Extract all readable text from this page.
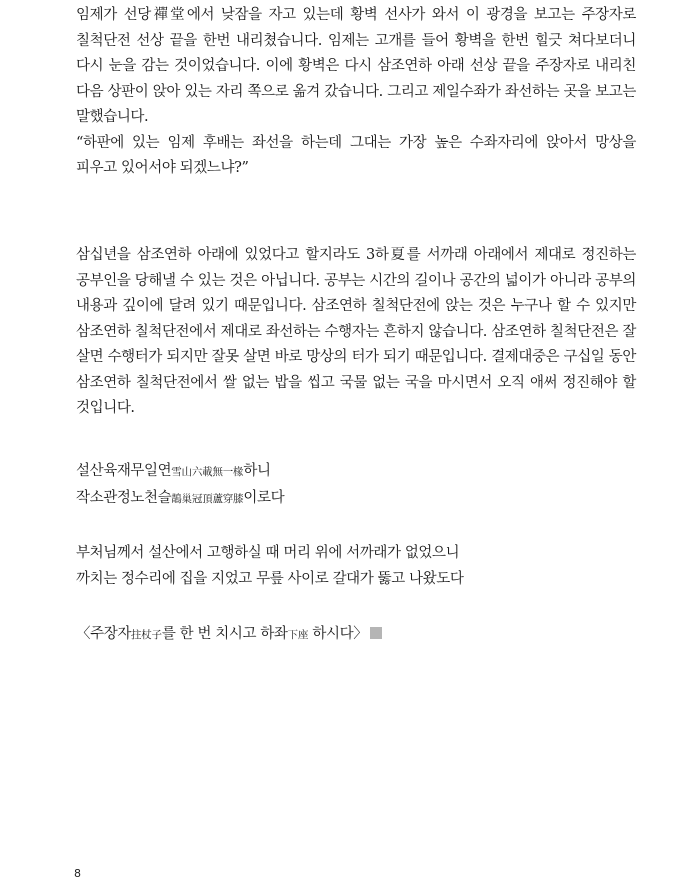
임제가 선당禪堂에서 낮잠을 자고 있는데 황벽 선사가 와서 이 광경을 보고는 주장자로 칠척단전 선상 끝을 한번 내리쳤습니다. 임제는 고개를 들어 황벽을 한번 힐긋 쳐다보더니 다시 눈을 감는 것이었습니다. 이에 황벽은 다시 삼조연하 아래 선상 끝을 주장자로 내리친 다음 상판이 앉아 있는 자리 쪽으로 옮겨 갔습니다. 그리고 제일수좌가 좌선하는 곳을 보고는 말했습니다.

“하판에 있는 임제 후배는 좌선을 하는데 그대는 가장 높은 수좌자리에 앉아서 망상을 피우고 있어서야 되겠느냐?”

삼십년을 삼조연하 아래에 있었다고 할지라도 3하夏를 서까래 아래에서 제대로 정진하는 공부인을 당해낼 수 있는 것은 아닙니다. 공부는 시간의 길이나 공간의 넓이가 아니라 공부의 내용과 깊이에 달려 있기 때문입니다. 삼조연하 칠척단전에 앉는 것은 누구나 할 수 있지만 삼조연하 칠척단전에서 제대로 좌선하는 수행자는 흔하지 않습니다. 삼조연하 칠척단전은 잘 살면 수행터가 되지만 잘못 살면 바로 망상의 터가 되기 때문입니다. 결제대중은 구십일 동안 삼조연하 칠척단전에서 쌀 없는 밥을 씹고 국물 없는 국을 마시면서 오직 애써 정진해야 할 것입니다.

설산육재무일연雪山六載無一椽하니
작소관정노천슬鵲巢冠頂蘆穿膝이로다
부처님께서 설산에서 고행하실 때 머리 위에 서까래가 없었으니
까치는 정수리에 집을 지었고 무릎 사이로 갈대가 뚫고 나왔도다
〈주장자拄杖子를 한 번 치시고 하좌下座 하시다〉
8
